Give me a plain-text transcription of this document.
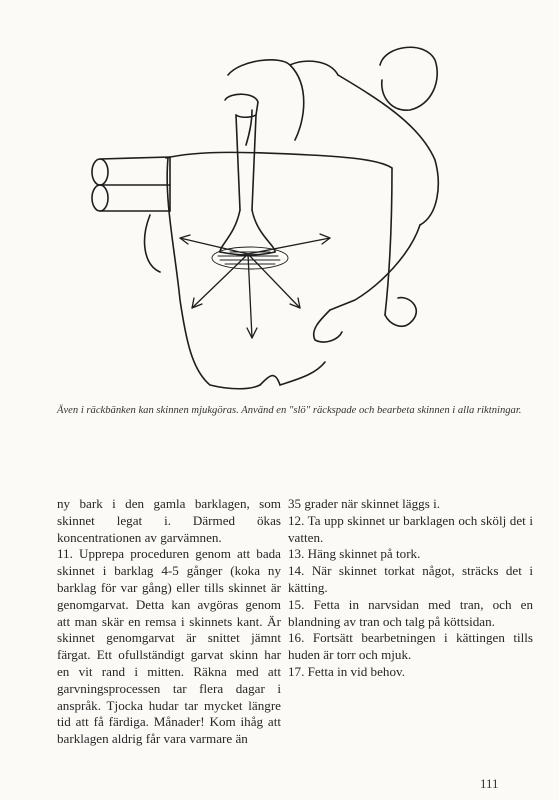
Även i räckbänken kan skinnen mjukgöras. Använd en "slö" räckspade och bearbeta skinnen i alla riktningar.

ny bark i den gamla barklagen, som skinnet legat i. Därmed ökas koncentrationen av garvämnen.

11. Upprepa proceduren genom att bada skinnet i barklag 4-5 gånger (koka ny barklag för var gång) eller tills skinnet är genomgarvat. Detta kan avgöras genom att man skär en remsa i skinnets kant. Är skinnet genomgarvat är snittet jämnt färgat. Ett ofullständigt garvat skinn har en vit rand i mitten. Räkna med att garvningsprocessen tar flera dagar i anspråk. Tjocka hudar tar mycket längre tid att få färdiga. Månader! Kom ihåg att barklagen aldrig får vara varmare än

35 grader när skinnet läggs i.

12. Ta upp skinnet ur barklagen och skölj det i vatten.

13. Häng skinnet på tork.

14. När skinnet torkat något, sträcks det i kätting.

15. Fetta in narvsidan med tran, och en blandning av tran och talg på köttsidan.

16. Fortsätt bearbetningen i kättingen tills huden är torr och mjuk.

17. Fetta in vid behov.

111
